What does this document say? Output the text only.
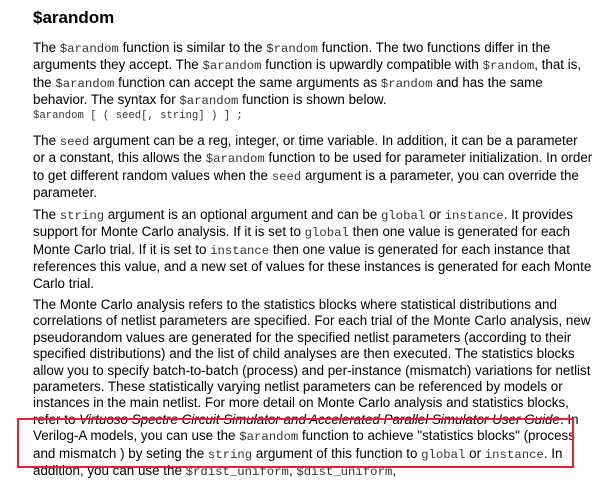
$arandom

The $arandom function is similar to the $random function. The two functions differ in the arguments they accept. The $arandom function is upwardly compatible with $random, that is, the $arandom function can accept the same arguments as $random and has the same behavior. The syntax for $arandom function is shown below.

$arandom [ ( seed[, string] ) ] ;

The seed argument can be a reg, integer, or time variable. In addition, it can be a parameter or a constant, this allows the $arandom function to be used for parameter initialization. In order to get different random values when the seed argument is a parameter, you can override the parameter.

The string argument is an optional argument and can be global or instance. It provides support for Monte Carlo analysis. If it is set to global then one value is generated for each Monte Carlo trial. If it is set to instance then one value is generated for each instance that references this value, and a new set of values for these instances is generated for each Monte Carlo trial.

The Monte Carlo analysis refers to the statistics blocks where statistical distributions and correlations of netlist parameters are specified. For each trial of the Monte Carlo analysis, new pseudorandom values are generated for the specified netlist parameters (according to their specified distributions) and the list of child analyses are then executed. The statistics blocks allow you to specify batch-to-batch (process) and per-instance (mismatch) variations for netlist parameters. These statistically varying netlist parameters can be referenced by models or instances in the main netlist. For more detail on Monte Carlo analysis and statistics blocks, refer to Virtuoso Spectre Circuit Simulator and Accelerated Parallel Simulator User Guide. In Verilog-A models, you can use the $arandom function to achieve "statistics blocks" (process and mismatch ) by seting the string argument of this function to global or instance. In addition, you can use the $rdist_uniform, $dist_uniform,
